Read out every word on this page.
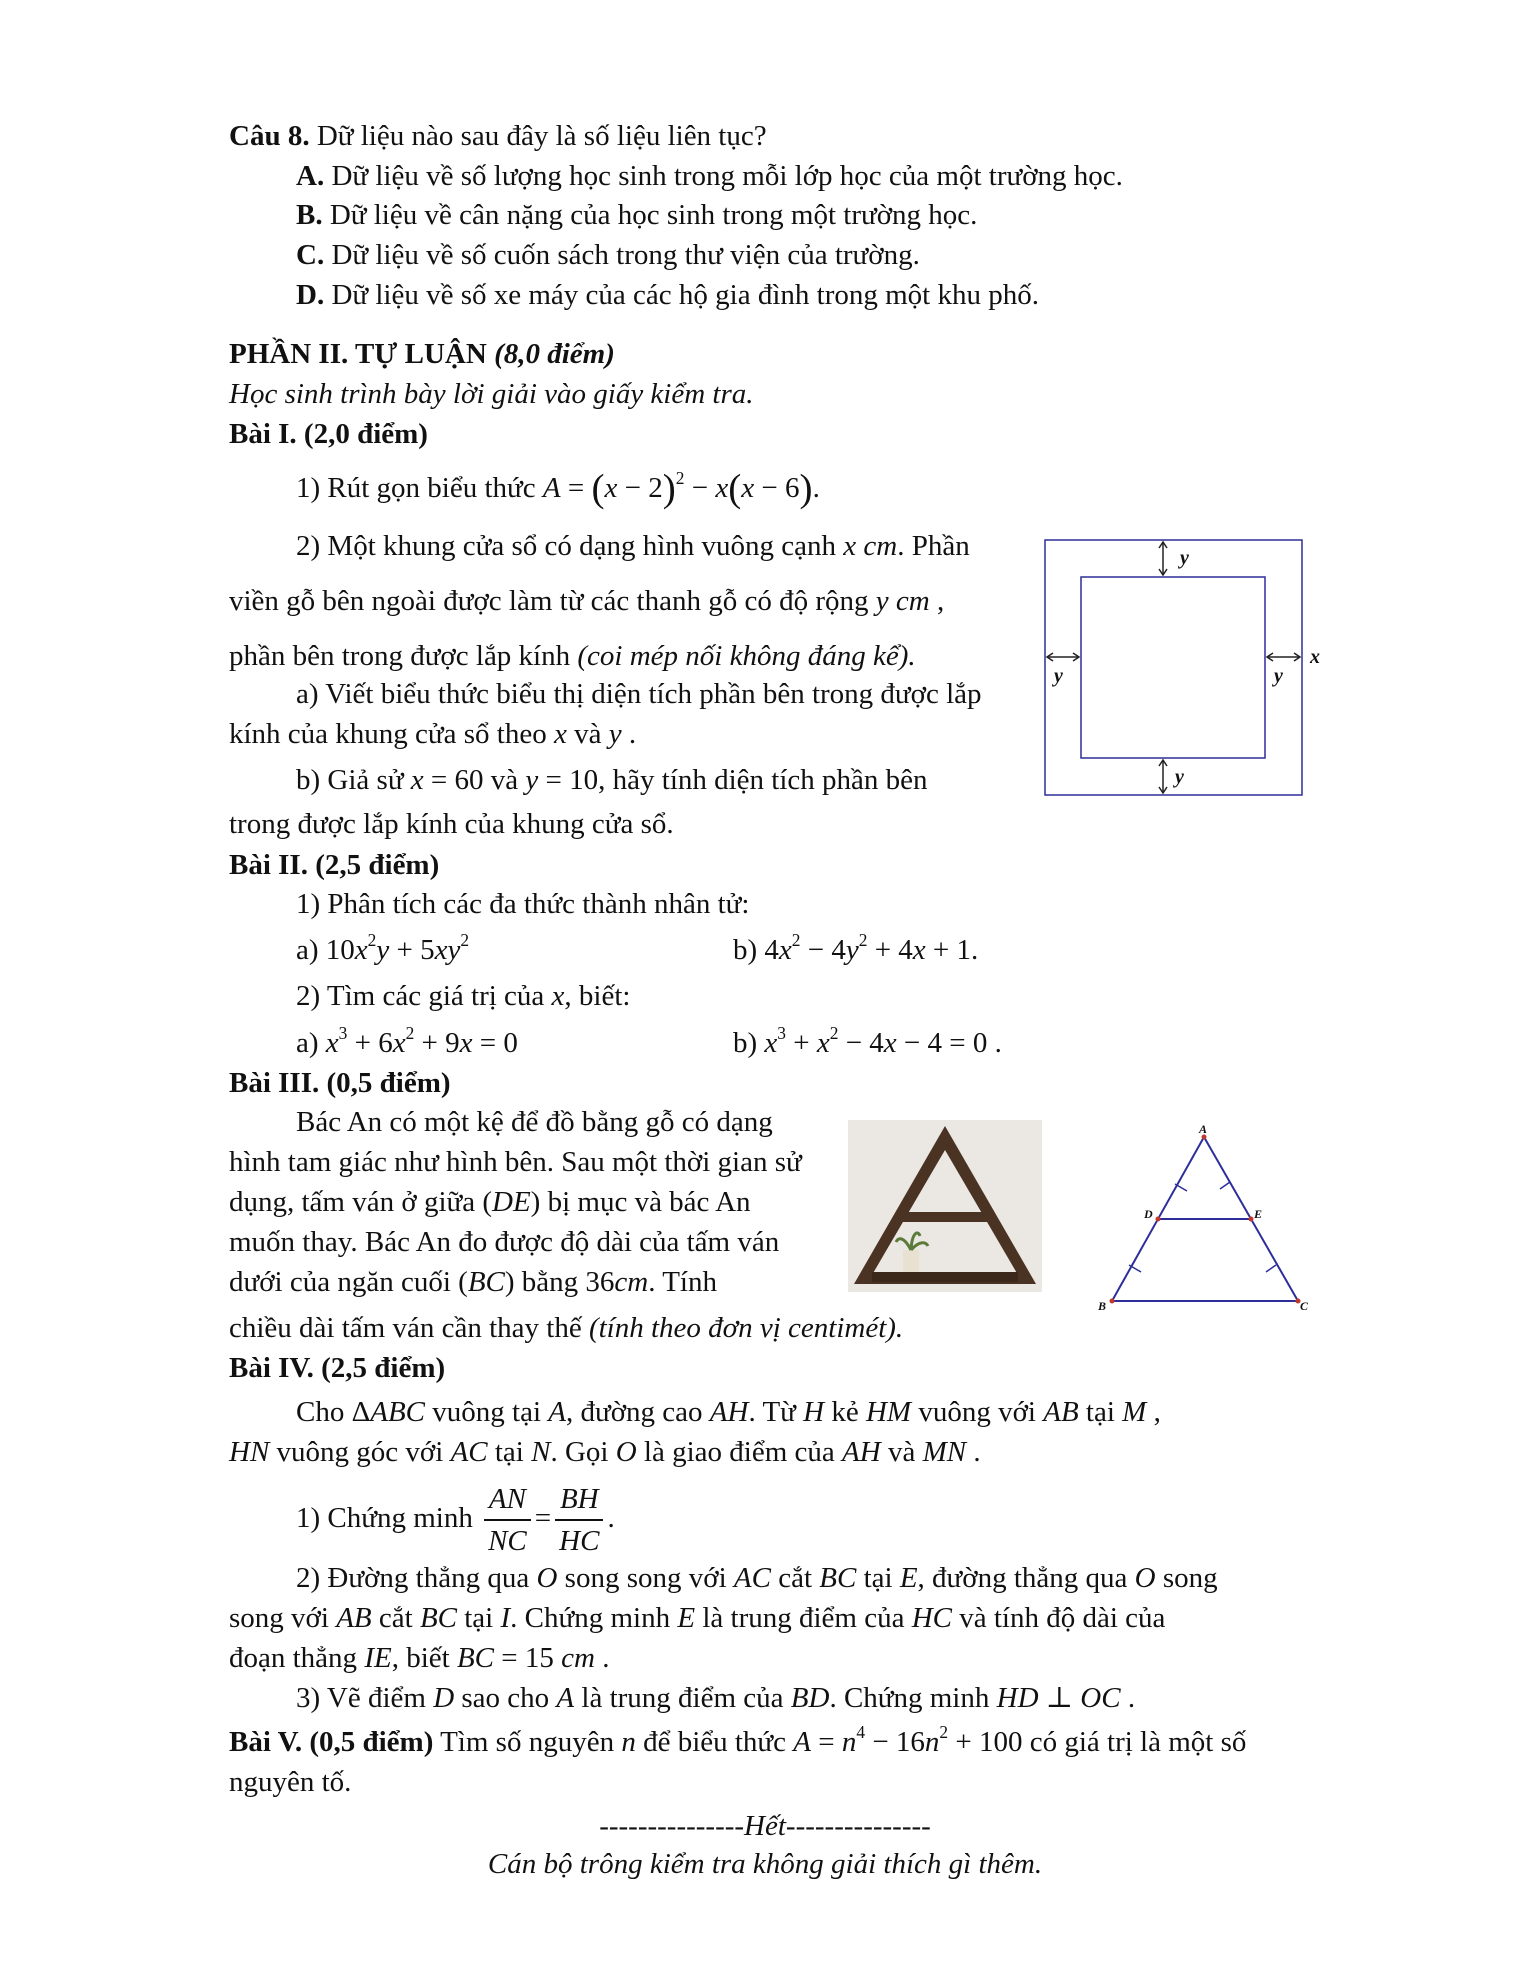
Câu 8. Dữ liệu nào sau đây là số liệu liên tục?
A. Dữ liệu về số lượng học sinh trong mỗi lớp học của một trường học.
B. Dữ liệu về cân nặng của học sinh trong một trường học.
C. Dữ liệu về số cuốn sách trong thư viện của trường.
D. Dữ liệu về số xe máy của các hộ gia đình trong một khu phố.
PHẦN II. TỰ LUẬN (8,0 điểm)
Học sinh trình bày lời giải vào giấy kiểm tra.
Bài I. (2,0 điểm)
1) Rút gọn biểu thức $A = (x - 2)^2 - x(x - 6)$.
2) Một khung cửa sổ có dạng hình vuông cạnh x cm. Phần
viền gỗ bên ngoài được làm từ các thanh gỗ có độ rộng y cm ,
phần bên trong được lắp kính (coi mép nối không đáng kể).
a) Viết biểu thức biểu thị diện tích phần bên trong được lắp
kính của khung cửa sổ theo x và y .
b) Giả sử x = 60 và y = 10, hãy tính diện tích phần bên
trong được lắp kính của khung cửa sổ.
y
y
y	y
x
Bài II. (2,5 điểm)
1) Phân tích các đa thức thành nhân tử:
a) $10x^2y + 5xy^2$	b) $4x^2 - 4y^2 + 4x + 1$.
2) Tìm các giá trị của x, biết:
a) $x^3 + 6x^2 + 9x = 0$	b) $x^3 + x^2 - 4x - 4 = 0$ .
Bài III. (0,5 điểm)
Bác An có một kệ để đồ bằng gỗ có dạng
hình tam giác như hình bên. Sau một thời gian sử
dụng, tấm ván ở giữa (DE) bị mục và bác An
muốn thay. Bác An đo được độ dài của tấm ván
dưới của ngăn cuối (BC) bằng 36cm. Tính
chiều dài tấm ván cần thay thế (tính theo đơn vị centimét).
A
D	E
B	C
Bài IV. (2,5 điểm)
Cho ΔABC vuông tại A, đường cao AH. Từ H kẻ HM vuông với AB tại M ,
HN vuông góc với AC tại N. Gọi O là giao điểm của AH và MN .
1) Chứng minh $\frac{AN}{NC} = \frac{BH}{HC}$ .
2) Đường thẳng qua O song song với AC cắt BC tại E, đường thẳng qua O song
song với AB cắt BC tại I. Chứng minh E là trung điểm của HC và tính độ dài của
đoạn thẳng IE, biết BC = 15 cm .
3) Vẽ điểm D sao cho A là trung điểm của BD. Chứng minh HD ⊥ OC .
Bài V. (0,5 điểm) Tìm số nguyên n để biểu thức $A = n^4 - 16n^2 + 100$ có giá trị là một số
nguyên tố.
---------------Hết---------------
Cán bộ trông kiểm tra không giải thích gì thêm.
